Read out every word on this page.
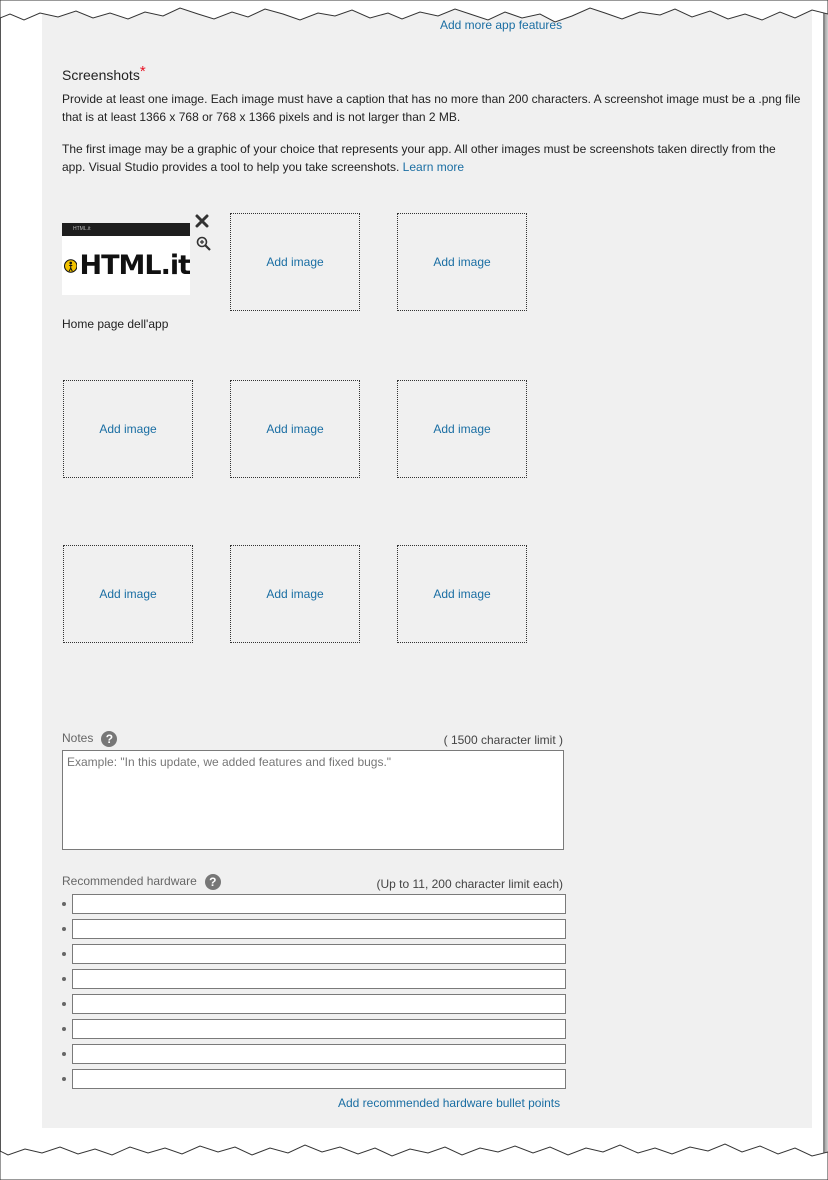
Add more app features
Screenshots*
Provide at least one image. Each image must have a caption that has no more than 200 characters. A screenshot image must be a .png file that is at least 1366 x 768 or 768 x 1366 pixels and is not larger than 2 MB.
The first image may be a graphic of your choice that represents your app. All other images must be screenshots taken directly from the app. Visual Studio provides a tool to help you take screenshots. Learn more
HTML.it
HTML.it
Home page dell'app
Add image	Add image
Add image	Add image	Add image
Add image	Add image	Add image
Notes ?	( 1500 character limit )
Example: "In this update, we added features and fixed bugs."
Recommended hardware ?	(Up to 11, 200 character limit each)
Add recommended hardware bullet points
